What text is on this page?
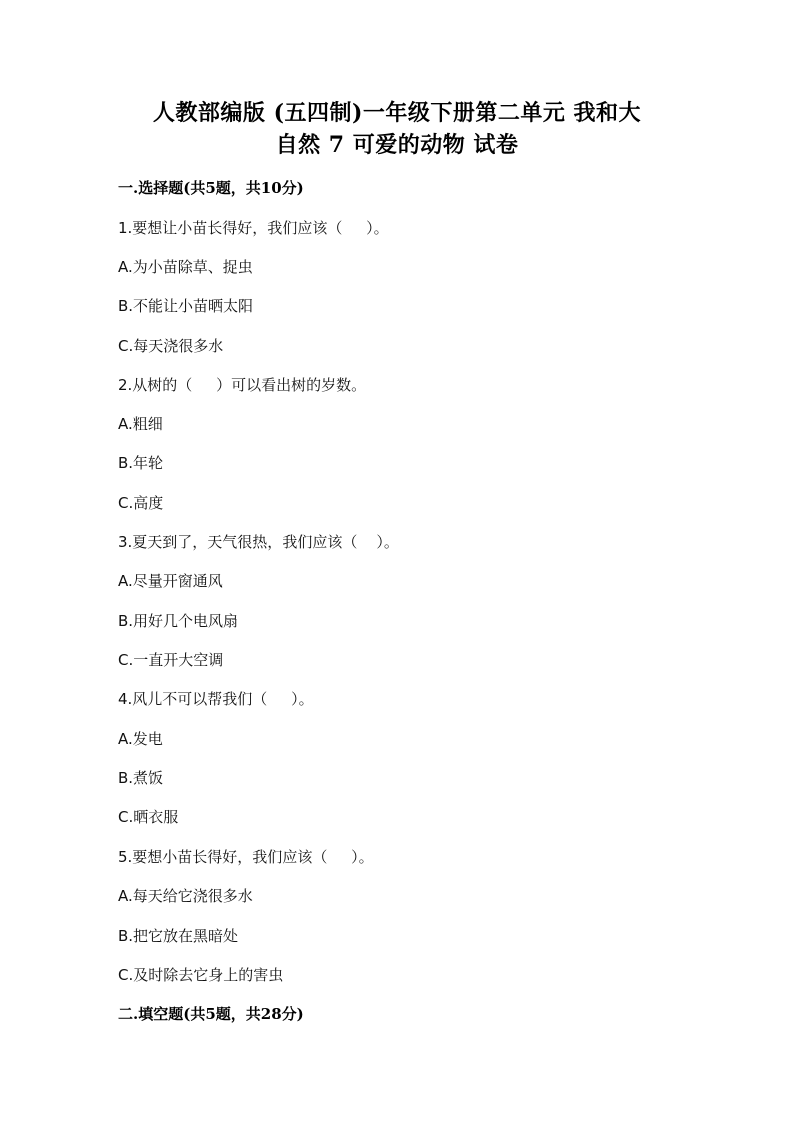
人教部编版 (五四制)一年级下册第二单元 我和大
自然 7 可爱的动物 试卷
一.选择题(共5题，共10分)
1.要想让小苗长得好，我们应该（     ）。
A.为小苗除草、捉虫
B.不能让小苗晒太阳
C.每天浇很多水
2.从树的（     ）可以看出树的岁数。
A.粗细
B.年轮
C.高度
3.夏天到了，天气很热，我们应该（    ）。
A.尽量开窗通风
B.用好几个电风扇
C.一直开大空调
4.风儿不可以帮我们（     ）。
A.发电
B.煮饭
C.晒衣服
5.要想小苗长得好，我们应该（     ）。
A.每天给它浇很多水
B.把它放在黑暗处
C.及时除去它身上的害虫
二.填空题(共5题，共28分)
